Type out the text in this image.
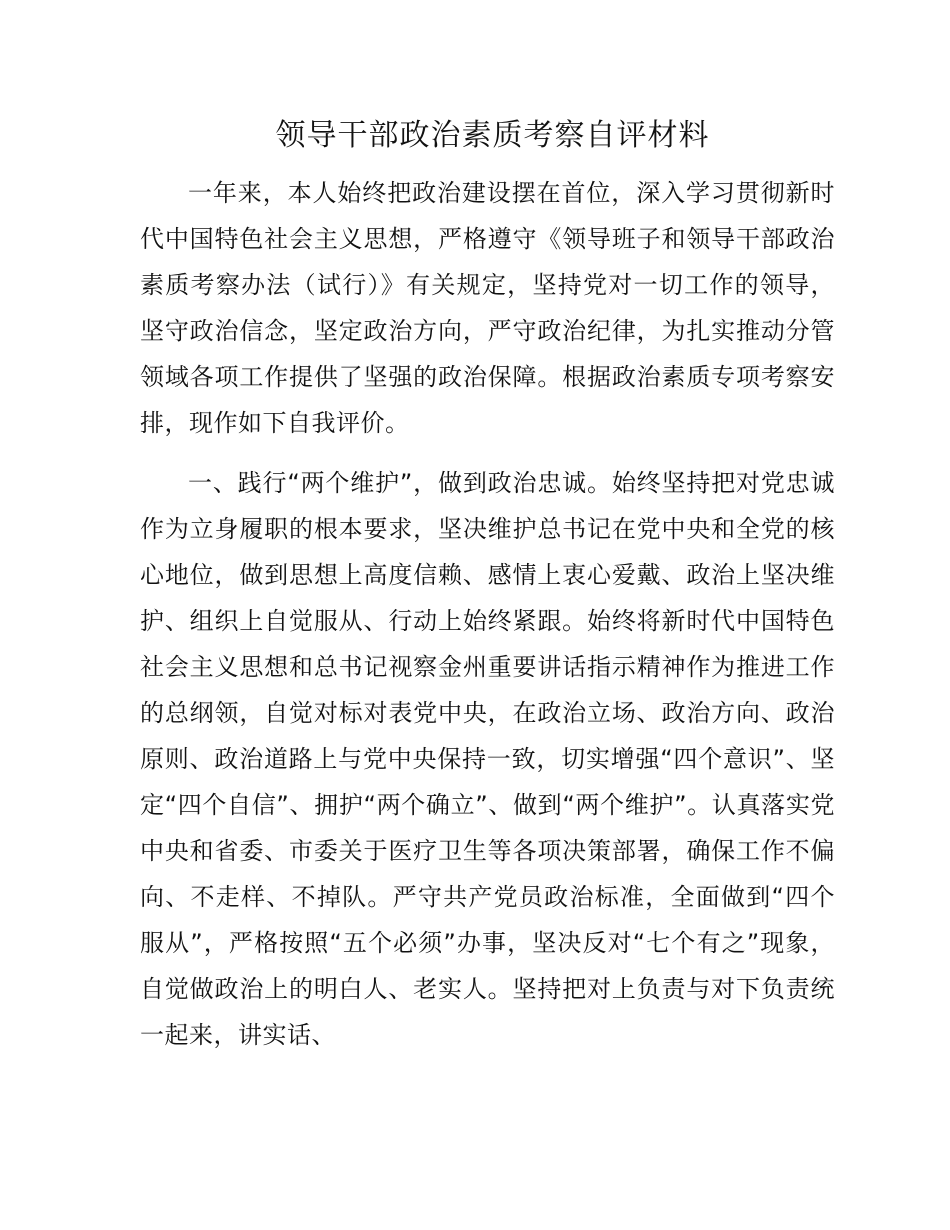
领导干部政治素质考察自评材料

一年来，本人始终把政治建设摆在首位，深入学习贯彻新时代中国特色社会主义思想，严格遵守《领导班子和领导干部政治素质考察办法（试行）》有关规定，坚持党对一切工作的领导，坚守政治信念，坚定政治方向，严守政治纪律，为扎实推动分管领域各项工作提供了坚强的政治保障。根据政治素质专项考察安排，现作如下自我评价。

一、践行“两个维护”，做到政治忠诚。始终坚持把对党忠诚作为立身履职的根本要求，坚决维护总书记在党中央和全党的核心地位，做到思想上高度信赖、感情上衷心爱戴、政治上坚决维护、组织上自觉服从、行动上始终紧跟。始终将新时代中国特色社会主义思想和总书记视察金州重要讲话指示精神作为推进工作的总纲领，自觉对标对表党中央，在政治立场、政治方向、政治原则、政治道路上与党中央保持一致，切实增强“四个意识”、坚定“四个自信”、拥护“两个确立”、做到“两个维护”。认真落实党中央和省委、市委关于医疗卫生等各项决策部署，确保工作不偏向、不走样、不掉队。严守共产党员政治标准，全面做到“四个服从”，严格按照“五个必须”办事，坚决反对“七个有之”现象，自觉做政治上的明白人、老实人。坚持把对上负责与对下负责统一起来，讲实话、
